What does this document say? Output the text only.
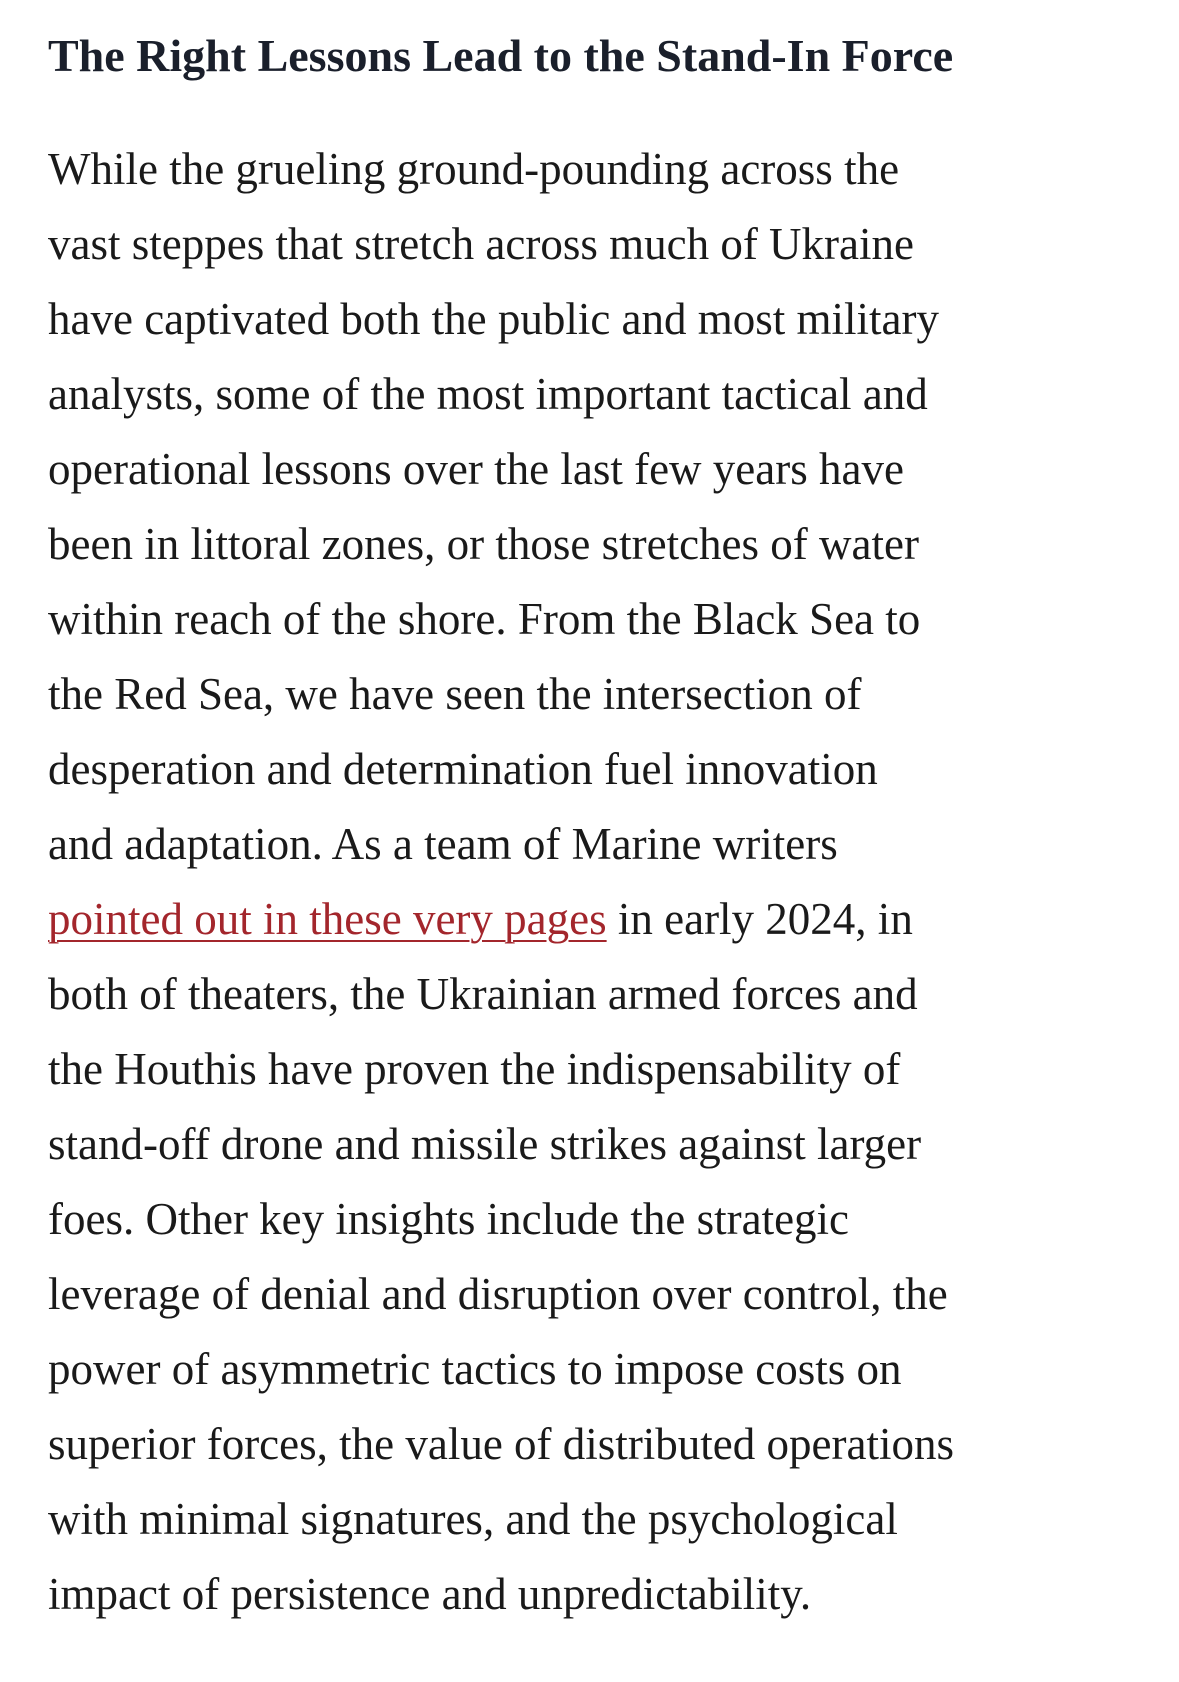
The Right Lessons Lead to the Stand-In Force

While the grueling ground-pounding across the
vast steppes that stretch across much of Ukraine
have captivated both the public and most military
analysts, some of the most important tactical and
operational lessons over the last few years have
been in littoral zones, or those stretches of water
within reach of the shore. From the Black Sea to
the Red Sea, we have seen the intersection of
desperation and determination fuel innovation
and adaptation. As a team of Marine writers
pointed out in these very pages in early 2024, in
both of theaters, the Ukrainian armed forces and
the Houthis have proven the indispensability of
stand-off drone and missile strikes against larger
foes. Other key insights include the strategic
leverage of denial and disruption over control, the
power of asymmetric tactics to impose costs on
superior forces, the value of distributed operations
with minimal signatures, and the psychological
impact of persistence and unpredictability.
